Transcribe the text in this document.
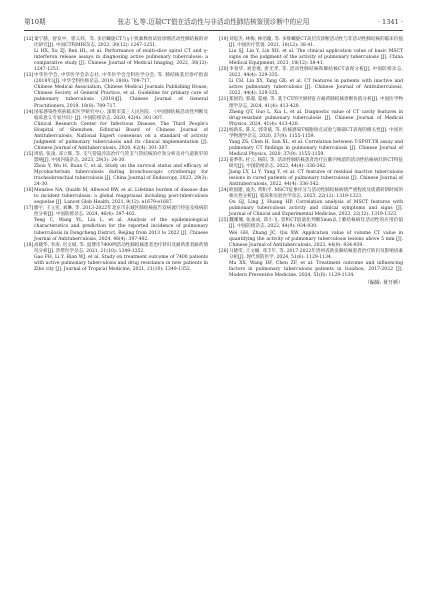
第10期	张志飞,等.迈瑞CT值在活动性与非活动性肺结核鉴别诊断中的应用	· 1341 ·
[12] 秦宁静，舒发中，郭义炜，等. 多层螺旋CT与γ干扰素释放试验诊断活动性肺结核的对比研究[J]. 中国CT和MRI杂志, 2022, 30(12): 1247-1251.
Li HX, Xu ZJ, Ren HL, et al. Performance of multi-slice spiral CT and γ-interferon release assays in diagnosing active pulmonary tuberculosis: a comparative study [J]. Chinese Journal of Medical Imaging, 2022, 30(12): 1247-1251.
[13] 中华医学会, 中华医学会杂志社, 中华医学会全科医学分会, 等. 肺结核基层诊疗指南(2018年)[J]. 中华全科医师杂志, 2019, 18(8): 709-717.
Chinese Medical Association, Chinese Medical Journals Publishing House, Chinese Society of General Practice, et al. Guideline for primary care of pulmonary tuberculosis (2018)[J]. Chinese Journal of General Practitioners, 2019, 18(8): 709-717.
[14] 国家感染性疾病临床医学研究中心, 深圳市第三人民医院. 《中国肺结核活动性判断及临床意义专家共识》[J]. 中国防痨杂志, 2020, 42(4): 301-307.
Clinical Research Center for Infectious Disease, The Third People's Hospital of Shenzhen. Editorial Board of Chinese Journal of Antituberculosis. National Expert consensus on a standard of activity judgment of pulmonary tuberculosis and its clinical implementation [J]. Chinese Journal of Antituberculosis, 2020, 42(4): 301-307.
[15] 周依, 张凌, 邓立辉, 等. 支气管镜冷冻治疗气管支气管结核的疗效分析及对气道狭窄的影响[J]. 中国内镜杂志, 2023, 29(3): 24-30.
Zhou Y, Wu H, Ruan C, et al. Study on the survival status and efficacy of Mycobacterium tuberculosis during bronchoscopic cryotherapy for tracheobronchial tuberculosis [J]. China Journal of Endoscopy, 2023, 29(3): 24-30.
[16] Menzies NA, Quaife M, Allwood BW, et al. Lifetime burden of disease due to incident tuberculosis: a global reappraisal including post-tuberculosis sequelae [J]. Lancet Glob Health, 2021, 9(12): e1679-e1687.
[17] 滕宇, 王立民, 刘琳, 等. 2013-2022年北京市东城区肺结核报告发病流行特征及疫病防控分析[J]. 中国防痨杂志, 2024, 46(4): 397-402.
Teng C, Wang YL, Liu L, et al. Analysis of the epidemiological characteristics and prediction for the reported incidence of pulmonary tuberculosis in Dongcheng District, Beijing from 2013 to 2022 [J]. Chinese Journal of Antituberculosis, 2024, 46(4): 397-402.
[18] 高晓华, 李涛, 迟文斌, 等. 淄博市7400例活动性肺结核患者治疗转归及耐药患者耐药情况分析[J]. 热带医学杂志, 2021, 21(10): 1349-1352.
Gao FH, Li Y, Bian WJ, et al. Study on treatment outcome of 7400 patients with active pulmonary tuberculosis and drug resistance in new patients in Zibo city [J]. Journal of Tropical Medicine, 2021, 21(10): 1349-1352.
[19] 刘思杰, 林梅, 林浩璇, 等. 多排螺旋CT高层次诊断活动性与非活动性肺结核的临床价值[J]. 中国医疗装备, 2021, 18(12): 38-41.
Liu SJ, Lin Y, Lin XH, et al. The clinical application value of basic MSCT signs on the judgment of the activity of pulmonary tuberculosis [J]. China Medical Equipment, 2021, 18(12): 38-41.
[20] 李春华, 刘金燕, 唐光孝, 等. 活动性肺结核和肺结核CT表现分析[J]. 中国防痨杂志, 2022, 44(4): 329-335.
Li CH, Liu XY, Tang GX, et al. CT features in patients with inactive and active pulmonary tuberculosis [J]. Chinese Journal of Antituberculosis, 2022, 44(4): 329-335.
[21] 郑国钧, 郭淑, 夏丽, 等. 基于CT的空洞特征在耐药肺结核诊断价值分析[J]. 中国医学物理学杂志, 2024, 41(4): 413-420.
Zheng QT, Guo L, Xia L, et al. Diagnostic value of CT cavity features in drug-resistant pulmonary tuberculosis [J]. Chinese Journal of Medical Physics, 2024, 41(4): 413-420.
[22] 杨新乐, 陈义, 郭荣斌, 等. 结核感染T细胞斑点试验与肺部CT表现的相关性[J]. 中国医学物理学杂志, 2020, 37(9): 1155-1159.
Yang ZS, Chen H, Sun XL, et al. Correlation between T-SPOT.TB assay and pulmonary CT findings in pulmonary tuberculosis [J]. Chinese Journal of Medical Physics, 2020, 37(9): 1155-1159.
[23] 姜季伟, 杜云, 杨阳, 等. 活动性肺结核患者治疗后肺内残留的活动性结核病灶的CT特征研究[J]. 中国防痨杂志, 2022, 44(4): 336-342.
Jiang LY, Li Y, Yang Y, et al. CT features of residual inactive tuberculosis lesions in cured patients of pulmonary tuberculosis [J]. Chinese Journal of Antituberculosis, 2022, 44(4): 336-342.
[24] 欧国建, 凌杰, 黄和平. MSCT征象评分与活动性肺结核病情严重程度及痰菌转阴时间的相关性分析[J]. 临床和实验医学杂志, 2023, 22(12): 1319-1323.
Ou GJ, Ling J, Huang HP. Correlation analysis of MSCT features with pulmonary tuberculosis activity and clinical symptoms and signs [J]. Journal of Clinical and Experimental Medicine, 2023, 22(12): 1319-1323.
[25] 魏珊珊, 张加成, 邱小飞. 容积CT值量化判断5mm以上肺结核病灶活动性的应用价值[J]. 中国防痨杂志, 2022, 44(9): 934-939.
Wei GH, Zhang JC, Qiu XW. Application value of volume CT value in quantifying the activity of pulmonary tuberculosis lesions above 5 mm [J]. Chinese Journal of Antituberculosis, 2022, 44(9): 934-939.
[26] 马晓雯, 王文楠, 邓丰年, 等. 2017-2022年贵州省新发肺结核患者治疗转归及影响因素分析[J]. 现代预防医学, 2024, 51(6): 1129-1134.
Ma XX, Wang DF, Chen ZF, et al. Treatment outcome and influencing factors in pulmonary tuberculosis patients in Guizhou, 2017-2022 [J]. Modern Preventive Medicine, 2024, 51(6): 1129-1134.
（编辑: 黄开颜）
